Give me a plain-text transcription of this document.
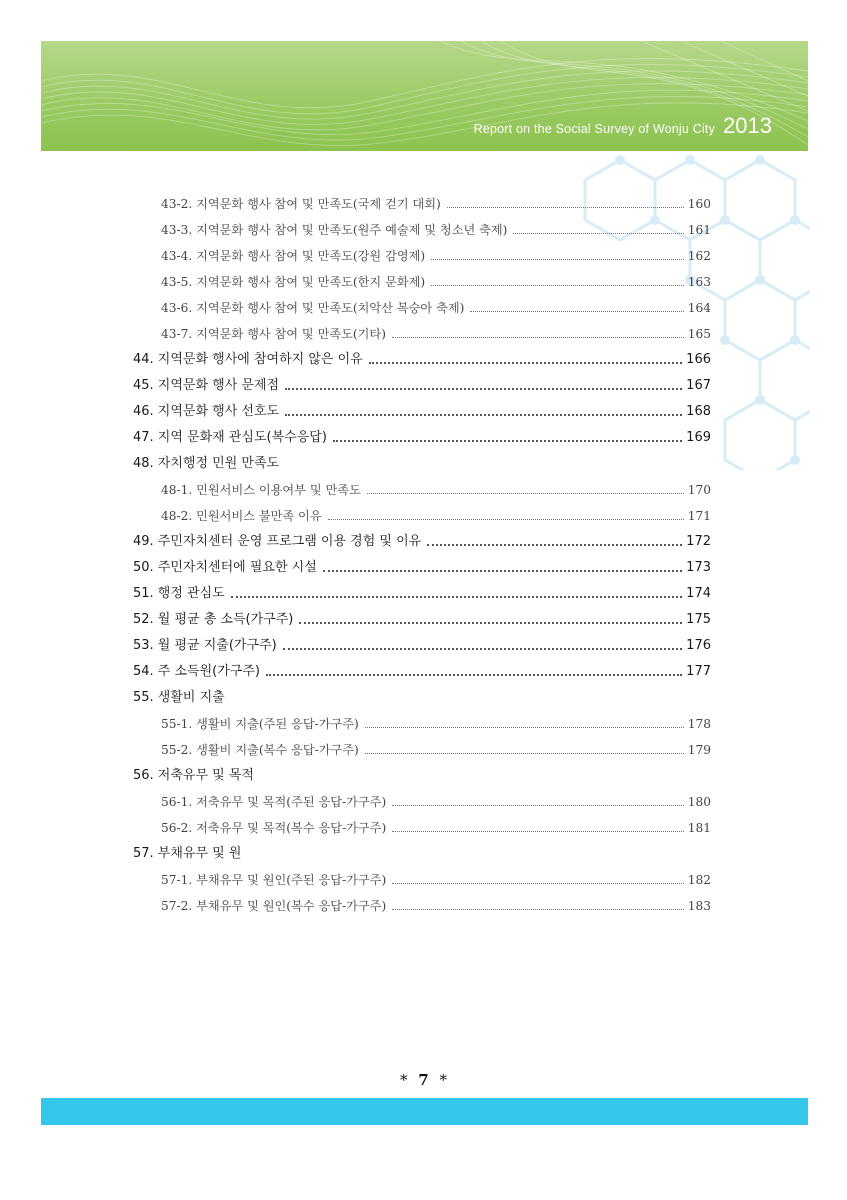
Report on the Social Survey of Wonju City 2013
43-2. 지역문화 행사 참여 및 만족도(국제 걷기 대회)	160
43-3. 지역문화 행사 참여 및 만족도(원주 예술제 및 청소년 축제)	161
43-4. 지역문화 행사 참여 및 만족도(강원 감영제)	162
43-5. 지역문화 행사 참여 및 만족도(한지 문화제)	163
43-6. 지역문화 행사 참여 및 만족도(치악산 복숭아 축제)	164
43-7. 지역문화 행사 참여 및 만족도(기타)	165
44. 지역문화 행사에 참여하지 않은 이유	166
45. 지역문화 행사 문제점	167
46. 지역문화 행사 선호도	168
47. 지역 문화재 관심도(복수응답)	169
48. 자치행정 민원 만족도
48-1. 민원서비스 이용여부 및 만족도	170
48-2. 민원서비스 불만족 이유	171
49. 주민자치센터 운영 프로그램 이용 경험 및 이유	172
50. 주민자치센터에 필요한 시설	173
51. 행정 관심도	174
52. 월 평균 총 소득(가구주)	175
53. 월 평균 지출(가구주)	176
54. 주 소득원(가구주)	177
55. 생활비 지출
55-1. 생활비 지출(주된 응답-가구주)	178
55-2. 생활비 지출(복수 응답-가구주)	179
56. 저축유무 및 목적
56-1. 저축유무 및 목적(주된 응답-가구주)	180
56-2. 저축유무 및 목적(복수 응답-가구주)	181
57. 부채유무 및 원
57-1. 부채유무 및 원인(주된 응답-가구주)	182
57-2. 부채유무 및 원인(복수 응답-가구주)	183
* 7 *
